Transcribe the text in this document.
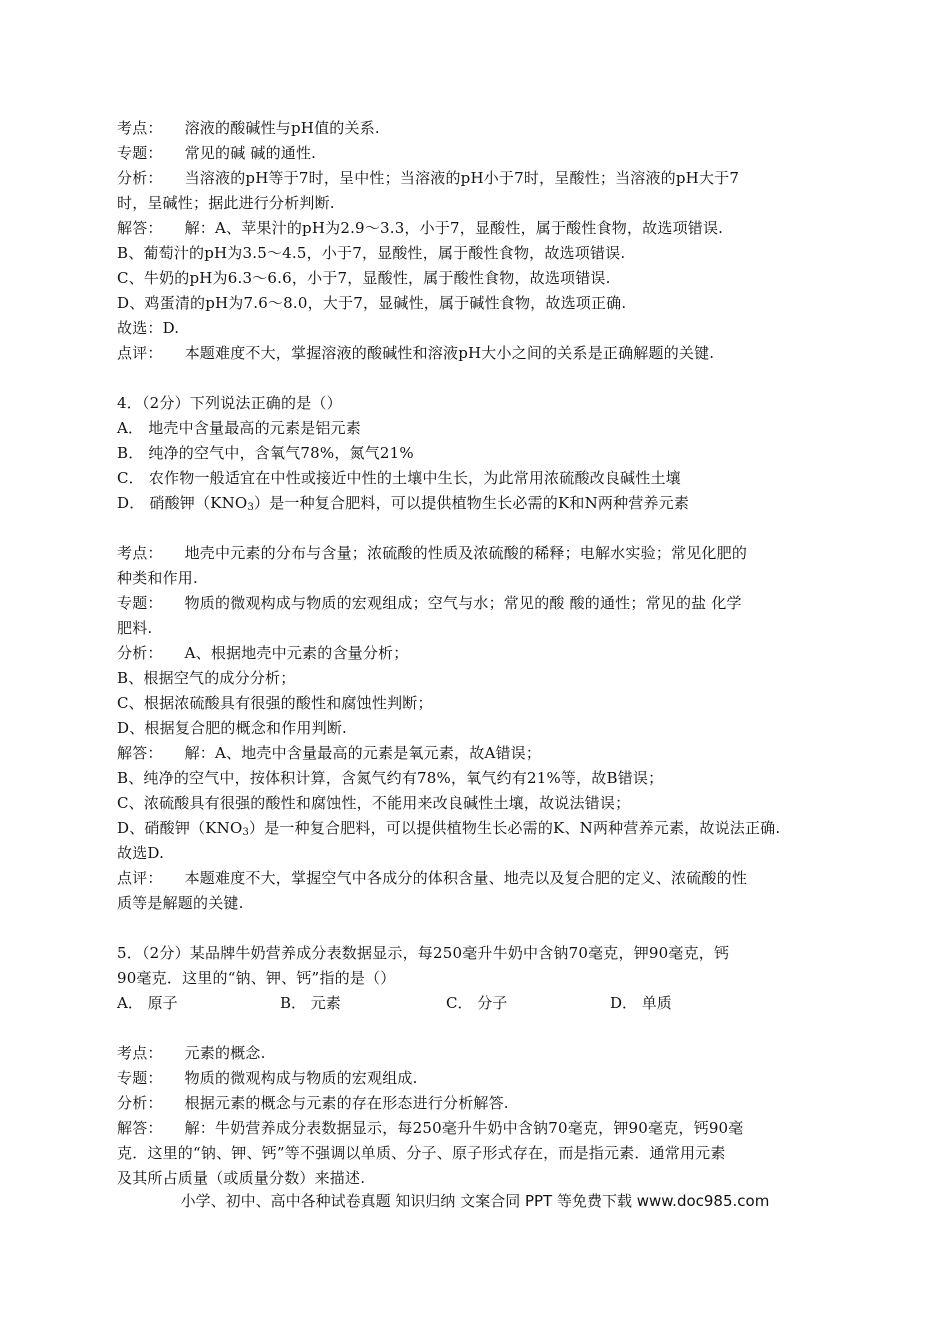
考点： 溶液的酸碱性与pH值的关系.
专题： 常见的碱 碱的通性.
分析： 当溶液的pH等于7时，呈中性；当溶液的pH小于7时，呈酸性；当溶液的pH大于7
时，呈碱性；据此进行分析判断.
解答： 解：A、苹果汁的pH为2.9～3.3，小于7，显酸性，属于酸性食物，故选项错误.
B、葡萄汁的pH为3.5～4.5，小于7，显酸性，属于酸性食物，故选项错误.
C、牛奶的pH为6.3～6.6，小于7，显酸性，属于酸性食物，故选项错误.
D、鸡蛋清的pH为7.6～8.0，大于7，显碱性，属于碱性食物，故选项正确.
故选：D.
点评： 本题难度不大，掌握溶液的酸碱性和溶液pH大小之间的关系是正确解题的关键.
4．（2分）下列说法正确的是（）
A． 地壳中含量最高的元素是铝元素
B． 纯净的空气中，含氧气78%，氮气21%
C． 农作物一般适宜在中性或接近中性的土壤中生长，为此常用浓硫酸改良碱性土壤
D． 硝酸钾$(KNO_3)$是一种复合肥料，可以提供植物生长必需的K和N两种营养元素
考点： 地壳中元素的分布与含量；浓硫酸的性质及浓硫酸的稀释；电解水实验；常见化肥的
种类和作用.
专题： 物质的微观构成与物质的宏观组成；空气与水；常见的酸 酸的通性；常见的盐 化学
肥料.
分析： A、根据地壳中元素的含量分析；
B、根据空气的成分分析；
C、根据浓硫酸具有很强的酸性和腐蚀性判断；
D、根据复合肥的概念和作用判断.
解答： 解：A、地壳中含量最高的元素是氧元素，故A错误；
B、纯净的空气中，按体积计算，含氮气约有78%，氧气约有21%等，故B错误；
C、浓硫酸具有很强的酸性和腐蚀性，不能用来改良碱性土壤，故说法错误；
D、硝酸钾$(KNO_3)$是一种复合肥料，可以提供植物生长必需的K、N两种营养元素，故说法正确.
故选D.
点评： 本题难度不大，掌握空气中各成分的体积含量、地壳以及复合肥的定义、浓硫酸的性
质等是解题的关键.
5．（2分）某品牌牛奶营养成分表数据显示，每250毫升牛奶中含钠70毫克，钾90毫克，钙
90毫克．这里的“钠、钾、钙”指的是（）
考点： 元素的概念.
专题： 物质的微观构成与物质的宏观组成.
分析： 根据元素的概念与元素的存在形态进行分析解答.
解答： 解：牛奶营养成分表数据显示，每250毫升牛奶中含钠70毫克，钾90毫克，钙90毫
克．这里的“钠、钾、钙”等不强调以单质、分子、原子形式存在，而是指元素．通常用元素
及其所占质量（或质量分数）来描述.
A． 原子	B． 元素	C． 分子	D． 单质
小学、初中、高中各种试卷真题 知识归纳 文案合同 PPT 等免费下载 www.doc985.com
